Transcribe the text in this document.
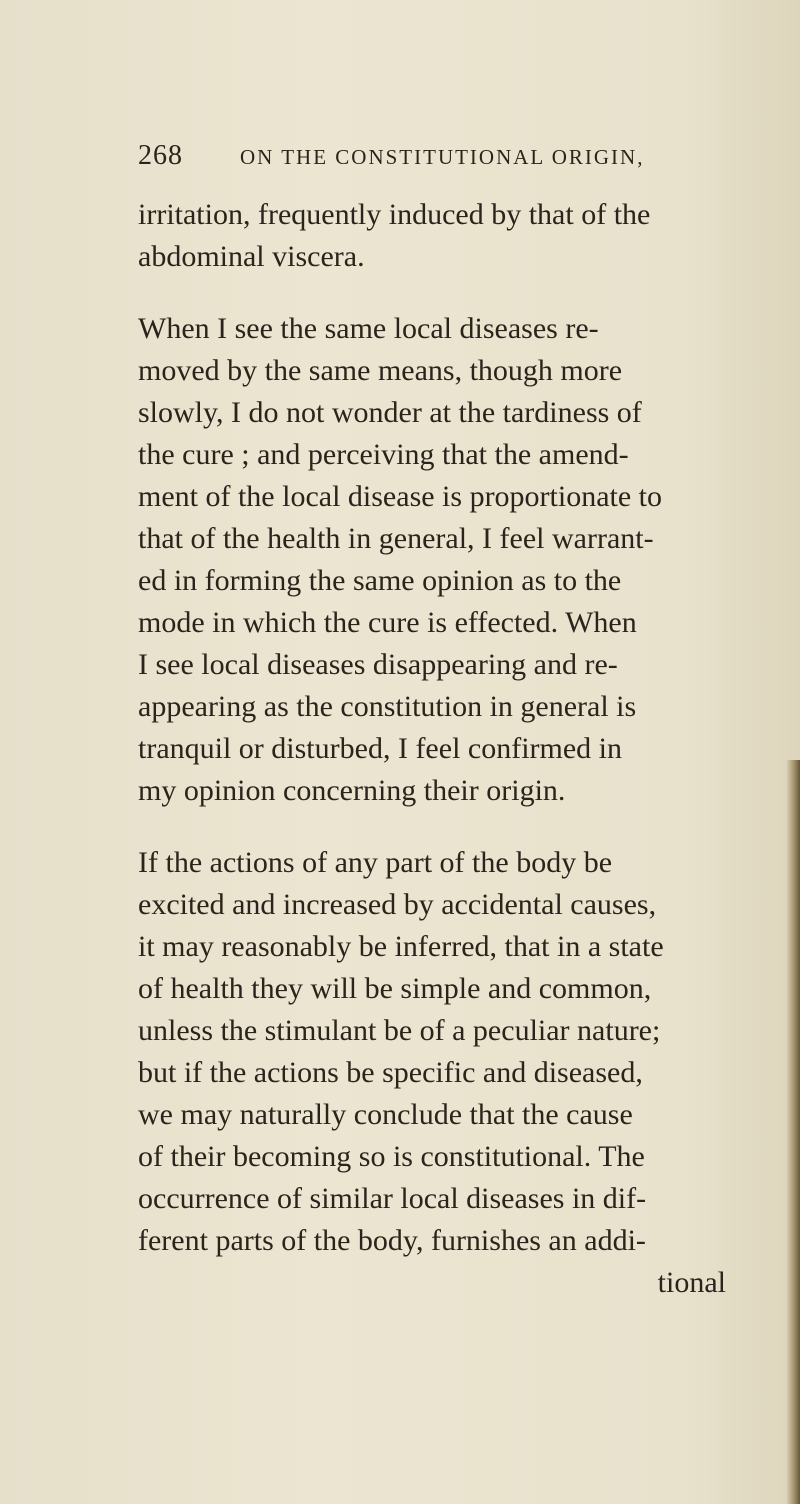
268	ON THE CONSTITUTIONAL ORIGIN,
irritation, frequently induced by that of the
abdominal viscera.
When I see the same local diseases re-
moved by the same means, though more
slowly, I do not wonder at the tardiness of
the cure ; and perceiving that the amend-
ment of the local disease is proportionate to
that of the health in general, I feel warrant-
ed in forming the same opinion as to the
mode in which the cure is effected. When
I see local diseases disappearing and re-
appearing as the constitution in general is
tranquil or disturbed, I feel confirmed in
my opinion concerning their origin.
If the actions of any part of the body be
excited and increased by accidental causes,
it may reasonably be inferred, that in a state
of health they will be simple and common,
unless the stimulant be of a peculiar nature;
but if the actions be specific and diseased,
we may naturally conclude that the cause
of their becoming so is constitutional. The
occurrence of similar local diseases in dif-
ferent parts of the body, furnishes an addi-
tional
